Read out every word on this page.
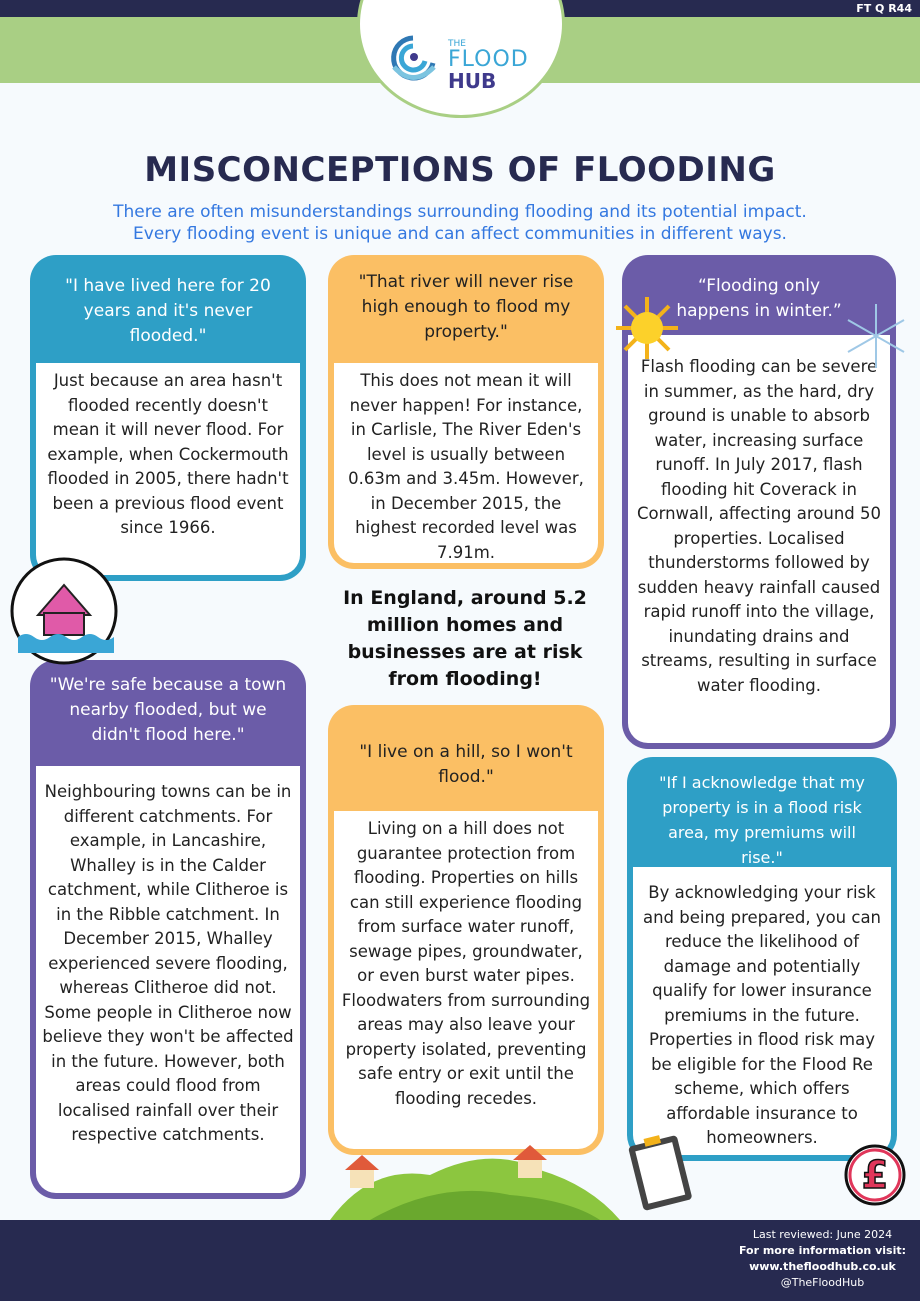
FT Q R44
THE
FLOOD
HUB
MISCONCEPTIONS OF FLOODING
There are often misunderstandings surrounding flooding and its potential impact.
Every flooding event is unique and can affect communities in different ways.
"I have lived here for 20 years and it's never flooded."
Just because an area hasn't flooded recently doesn't mean it will never flood. For example, when Cockermouth flooded in 2005, there hadn't been a previous flood event since 1966.
"That river will never rise high enough to flood my property."
This does not mean it will never happen! For instance, in Carlisle, The River Eden's level is usually between 0.63m and 3.45m. However, in December 2015, the highest recorded level was 7.91m.
“Flooding only happens in winter.”
Flash flooding can be severe in summer, as the hard, dry ground is unable to absorb water, increasing surface runoff. In July 2017, flash flooding hit Coverack in Cornwall, affecting around 50 properties. Localised thunderstorms followed by sudden heavy rainfall caused rapid runoff into the village, inundating drains and streams, resulting in surface water flooding.
"We're safe because a town nearby flooded, but we didn't flood here."
Neighbouring towns can be in different catchments. For example, in Lancashire, Whalley is in the Calder catchment, while Clitheroe is in the Ribble catchment. In December 2015, Whalley experienced severe flooding, whereas Clitheroe did not. Some people in Clitheroe now believe they won't be affected in the future. However, both areas could flood from localised rainfall over their respective catchments.
"I live on a hill, so I won't flood."
Living on a hill does not guarantee protection from flooding. Properties on hills can still experience flooding from surface water runoff, sewage pipes, groundwater, or even burst water pipes. Floodwaters from surrounding areas may also leave your property isolated, preventing safe entry or exit until the flooding recedes.
"If I acknowledge that my property is in a flood risk area, my premiums will rise."
By acknowledging your risk and being prepared, you can reduce the likelihood of damage and potentially qualify for lower insurance premiums in the future. Properties in flood risk may be eligible for the Flood Re scheme, which offers affordable insurance to homeowners.
In England, around 5.2 million homes and businesses are at risk from flooding!
£
Last reviewed: June 2024
For more information visit:
www.thefloodhub.co.uk
@TheFloodHub
